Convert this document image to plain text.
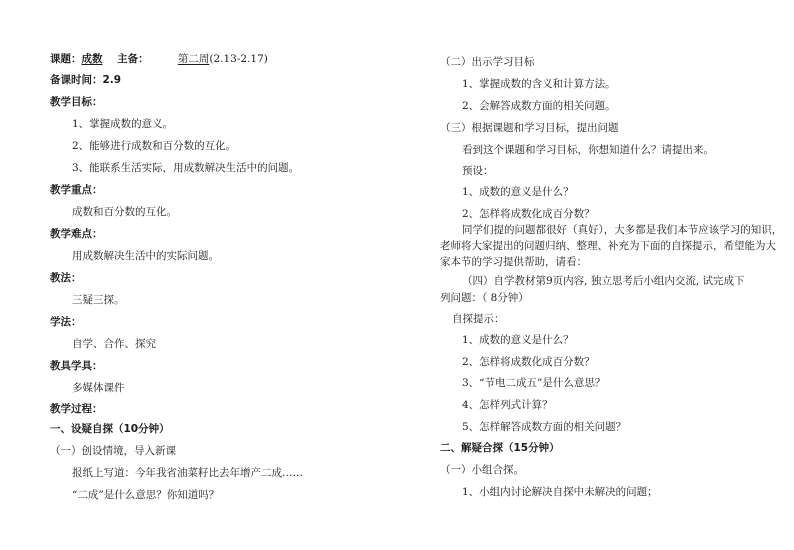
课题：成数 主备：	第二周(2.13-2.17)
备课时间：2.9
教学目标：
1、掌握成数的意义。
2、能够进行成数和百分数的互化。
3、能联系生活实际，用成数解决生活中的问题。
教学重点：
成数和百分数的互化。
教学难点：
用成数解决生活中的实际问题。
教法：
三疑三探。
学法：
自学、合作、探究
教具学具：
多媒体课件
教学过程：
一、设疑自探（10分钟）
（一）创设情境，导入新课
报纸上写道：今年我省油菜籽比去年增产二成……
“二成”是什么意思？你知道吗？
（二）出示学习目标
1、掌握成数的含义和计算方法。
2、会解答成数方面的相关问题。
（三）根据课题和学习目标，提出问题
看到这个课题和学习目标，你想知道什么？请提出来。
预设：
1、成数的意义是什么？
2、怎样将成数化成百分数？
同学们提的问题都很好（真好），大多都是我们本节应该学习的知识，老师将大家提出的问题归纳、整理、补充为下面的自探提示，希望能为大家本节的学习提供帮助，请看：
（四）自学教材第9页内容, 独立思考后小组内交流, 试完成下
列问题：（ 8分钟）
自探提示：
1、成数的意义是什么？
2、怎样将成数化成百分数？
3、“节电二成五”是什么意思？
4、怎样列式计算？
5、怎样解答成数方面的相关问题？
二、解疑合探（15分钟）
（一）小组合探。
1、小组内讨论解决自探中未解决的问题；
